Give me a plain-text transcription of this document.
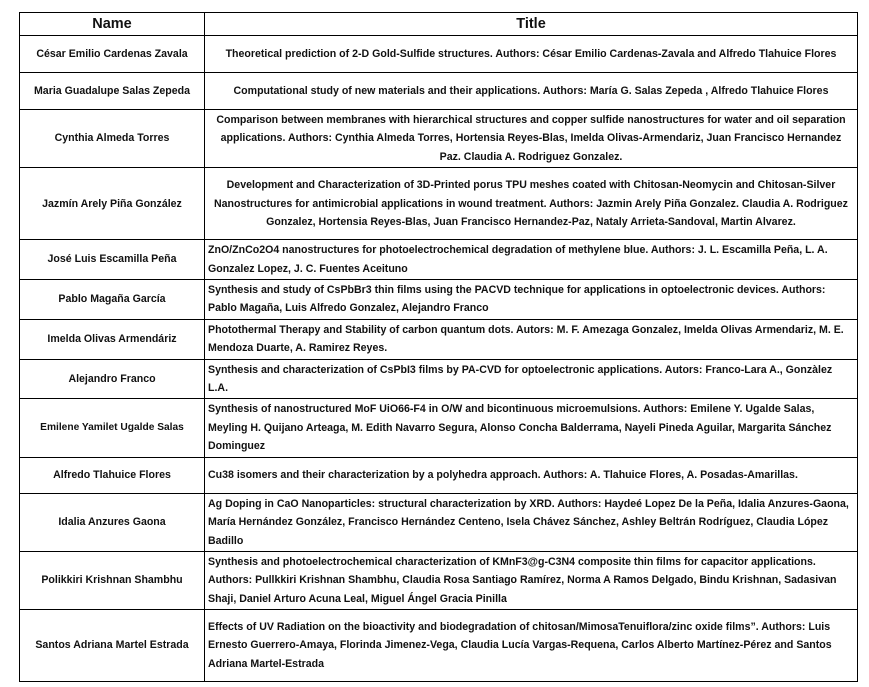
Name	Title
César Emilio Cardenas Zavala	Theoretical prediction of 2-D Gold-Sulfide structures. Authors: César Emilio Cardenas-Zavala and Alfredo Tlahuice Flores
Maria Guadalupe Salas Zepeda	Computational study of new materials and their applications. Authors: María G. Salas Zepeda , Alfredo Tlahuice Flores
Cynthia Almeda Torres	Comparison between membranes with hierarchical structures and copper sulfide nanostructures for water and oil separation applications. Authors: Cynthia Almeda Torres, Hortensia Reyes-Blas, Imelda Olivas-Armendariz, Juan Francisco Hernandez Paz. Claudia A. Rodriguez Gonzalez.
Jazmín Arely Piña González	Development and Characterization of 3D-Printed porus TPU meshes coated with Chitosan-Neomycin and Chitosan-Silver Nanostructures for antimicrobial applications in wound treatment. Authors: Jazmin Arely Piña Gonzalez. Claudia A. Rodriguez Gonzalez, Hortensia Reyes-Blas, Juan Francisco Hernandez-Paz, Nataly Arrieta-Sandoval, Martin Alvarez.
José Luis Escamilla Peña	ZnO/ZnCo2O4 nanostructures for photoelectrochemical degradation of methylene blue. Authors: J. L. Escamilla Peña, L. A. Gonzalez Lopez, J. C. Fuentes Aceituno
Pablo Magaña García	Synthesis and study of CsPbBr3 thin films using the PACVD technique for applications in optoelectronic devices. Authors: Pablo Magaña, Luis Alfredo Gonzalez, Alejandro Franco
Imelda Olivas Armendáriz	Photothermal Therapy and Stability of carbon quantum dots. Autors: M. F. Amezaga Gonzalez, Imelda Olivas Armendariz, M. E. Mendoza Duarte, A. Ramirez Reyes.
Alejandro Franco	Synthesis and characterization of CsPbI3 films by PA-CVD for optoelectronic applications. Autors: Franco-Lara A., Gonzàlez L.A.
Emilene Yamilet Ugalde Salas	Synthesis of nanostructured MoF UiO66-F4 in O/W and bicontinuous microemulsions. Authors: Emilene Y. Ugalde Salas, Meyling H. Quijano Arteaga, M. Edith Navarro Segura, Alonso Concha Balderrama, Nayeli Pineda Aguilar, Margarita Sánchez Dominguez
Alfredo Tlahuice Flores	Cu38 isomers and their characterization by a polyhedra approach. Authors: A. Tlahuice Flores, A. Posadas-Amarillas.
Idalia Anzures Gaona	Ag Doping in CaO Nanoparticles: structural characterization by XRD. Authors: Haydeé Lopez De la Peña, Idalia Anzures-Gaona, María Hernández González, Francisco Hernández Centeno, Isela Chávez Sánchez, Ashley Beltrán Rodríguez, Claudia López Badillo
Polikkiri Krishnan Shambhu	Synthesis and photoelectrochemical characterization of KMnF3@g-C3N4 composite thin films for capacitor applications. Authors: Pullkkiri Krishnan Shambhu, Claudia Rosa Santiago Ramírez, Norma A Ramos Delgado, Bindu Krishnan, Sadasivan Shaji, Daniel Arturo Acuna Leal, Miguel Ángel Gracia Pinilla
Santos Adriana Martel Estrada	Effects of UV Radiation on the bioactivity and biodegradation of chitosan/MimosaTenuiflora/zinc oxide films”. Authors: Luis Ernesto Guerrero-Amaya, Florinda Jimenez-Vega, Claudia Lucía Vargas-Requena, Carlos Alberto Martínez-Pérez and Santos Adriana Martel-Estrada
